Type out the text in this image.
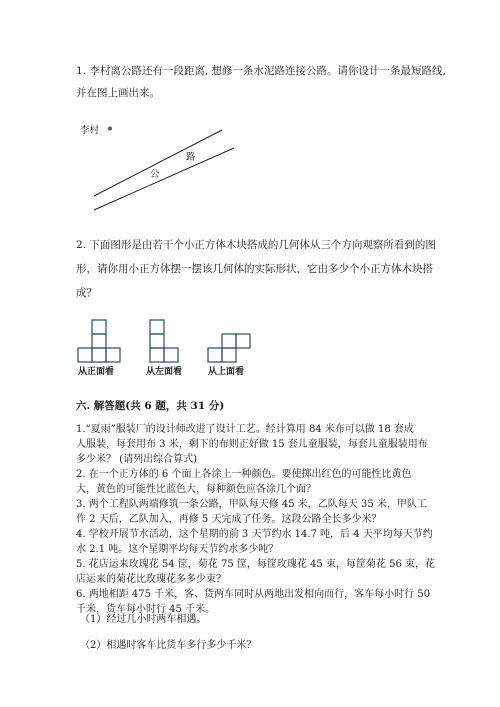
1. 李村离公路还有一段距离, 想修一条水泥路连接公路。请你设计一条最短路线,
并在图上画出来。
李村
公
路
2. 下面图形是由若干个小正方体木块搭成的几何体从三个方向观察所看到的图
形，请你用小正方体摆一摆该几何体的实际形状，它由多少个小正方体木块搭
成？
从正面看	从左面看	从上面看
六. 解答题(共 6 题，共 31 分)
1.“夏雨”服装厂的设计师改进了设计工艺。经计算用 84 米布可以做 18 套成
人服装，每套用布 3 米，剩下的布则正好做 15 套儿童服装，每套儿童服装用布
多少米？ (请列出综合算式)
2. 在一个正方体的 6 个面上各涂上一种颜色。要使掷出红色的可能性比黄色
大，黄色的可能性比蓝色大，每种颜色应各涂几个面？
3. 两个工程队两端修筑一条公路，甲队每天修 45 米，乙队每天 35 米，甲队工
作 2 天后，乙队加入，再修 5 天完成了任务。这段公路全长多少米？
4. 学校开展节水活动，这个星期的前 3 天节约水 14.7 吨，后 4 天平均每天节约
水 2.1 吨。这个星期平均每天节约水多少吨？
5. 花店运来玫瑰花 54 筐，菊花 75 筐，每筐玫瑰花 45 束，每筐菊花 56 束，花
店运来的菊花比玫瑰花多多少束？
6. 两地相距 475 千米，客、货两车同时从两地出发相向而行，客车每小时行 50
千米，货车每小时行 45 千米。
（1）经过几小时两车相遇。
（2）相遇时客车比货车多行多少千米？
